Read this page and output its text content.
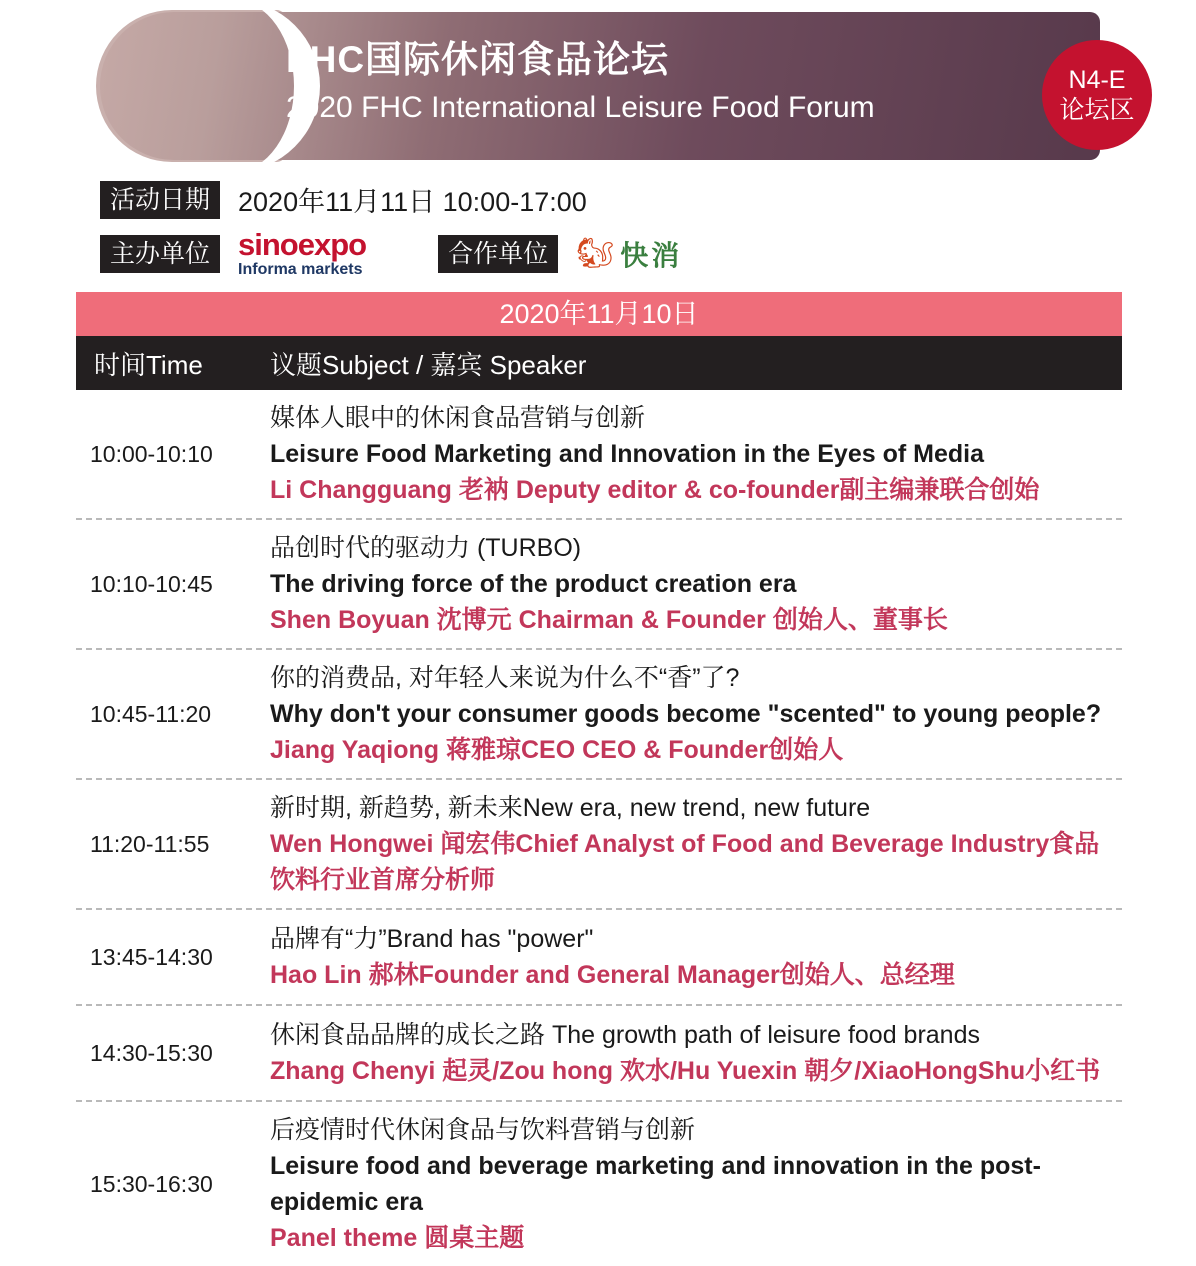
FHC国际休闲食品论坛
2020 FHC International Leisure Food Forum
N4-E
论坛区
活动日期	2020年11月11日 10:00-17:00
主办单位 sinoexpo
Informa markets
合作单位 🐿 快消
2020年11月10日
时间Time	议题Subject / 嘉宾 Speaker
10:00-10:10
媒体人眼中的休闲食品营销与创新
Leisure Food Marketing and Innovation in the Eyes of Media
Li Changguang 老衲 Deputy editor & co-founder副主编兼联合创始
10:10-10:45
品创时代的驱动力 (TURBO)
The driving force of the product creation era
Shen Boyuan 沈博元 Chairman & Founder 创始人、董事长
10:45-11:20
你的消费品, 对年轻人来说为什么不“香”了?
Why don't your consumer goods become "scented" to young people?
Jiang Yaqiong 蒋雅琼CEO CEO & Founder创始人
11:20-11:55
新时期, 新趋势, 新未来New era, new trend, new future
Wen Hongwei 闻宏伟Chief Analyst of Food and Beverage Industry食品饮料行业首席分析师
13:45-14:30
品牌有“力”Brand has "power"
Hao Lin 郝林Founder and General Manager创始人、总经理
14:30-15:30
休闲食品品牌的成长之路 The growth path of leisure food brands
Zhang Chenyi 起灵/Zou hong 欢水/Hu Yuexin 朝夕/XiaoHongShu小红书
15:30-16:30
后疫情时代休闲食品与饮料营销与创新
Leisure food and beverage marketing and innovation in the post-epidemic era
Panel theme 圆桌主题
